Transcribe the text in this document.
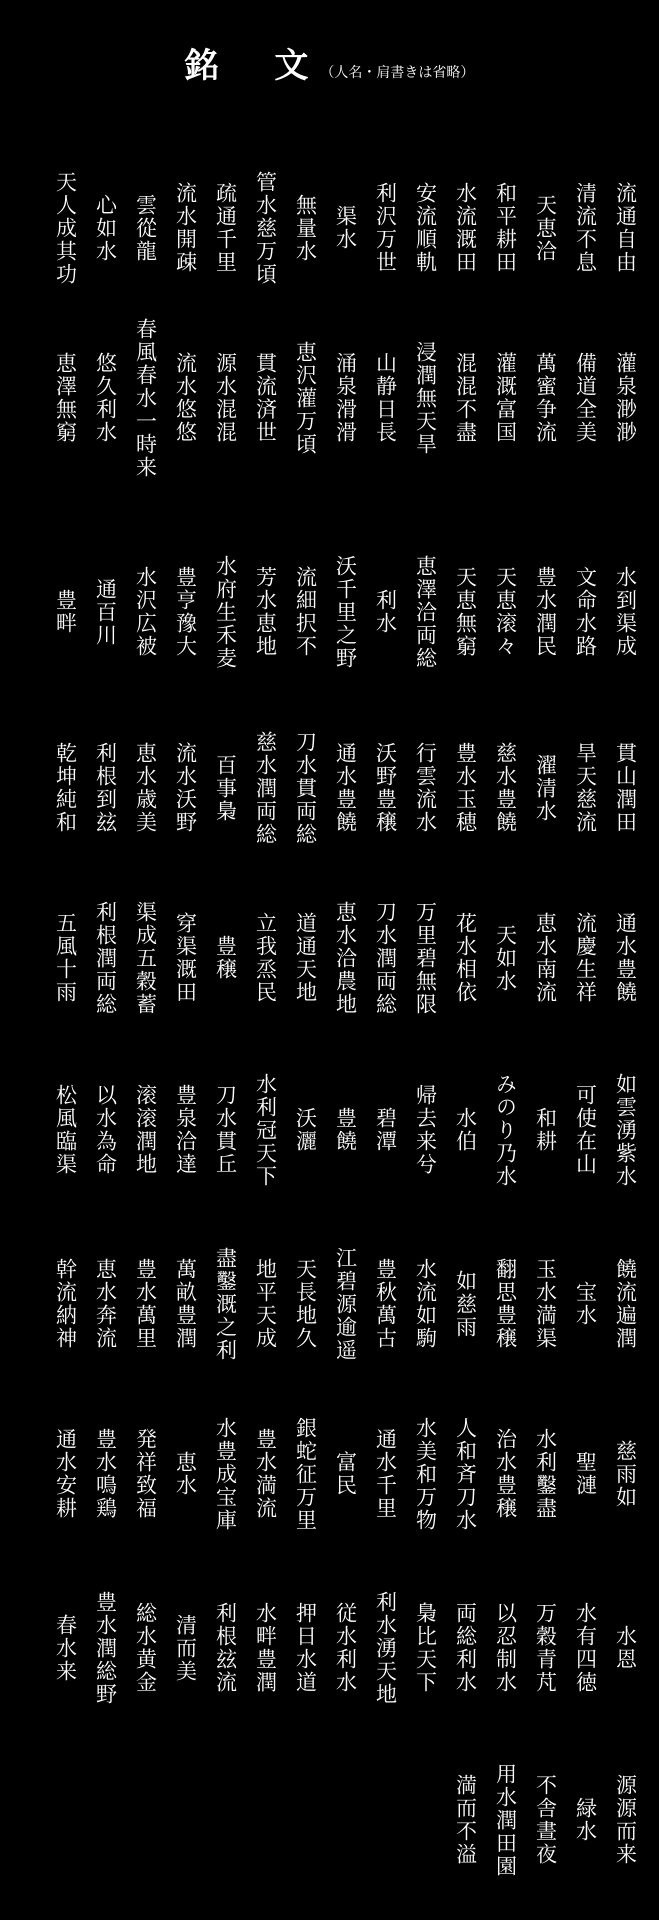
銘 文（人名・肩書きは省略）
流通自由
清流不息
天恵洽
和平耕田
水流溉田
安流順軌
利沢万世
渠水
無量水
管水慈万頃
疏通千里
流水開疎
雲從龍
心如水
天人成其功
灌泉渺渺
備道全美
萬蜜争流
灌溉富国
混混不盡
浸潤無天旱
山静日長
涌泉滑滑
恵沢灌万頃
貫流済世
源水混混
流水悠悠
春風春水一時来
悠久利水
恵澤無窮
水到渠成
文命水路
豊水潤民
天恵滚々
天恵無窮
恵澤洽両総
利水
沃千里之野
流細択不
芳水恵地
水府生禾麦
豊亨豫大
水沢広被
通百川
豊畔
貫山潤田
旱天慈流
濯清水
慈水豊饒
豊水玉穂
行雲流水
沃野豊穣
通水豊饒
刀水貫両総
慈水潤両総
百事梟
流水沃野
恵水歳美
利根到玆
乾坤純和
通水豊饒
流慶生祥
恵水南流
天如水
花水相依
万里碧無限
刀水潤両総
恵水洽農地
道通天地
立我烝民
豊穣
穿渠溉田
渠成五穀蓄
利根潤両総
五風十雨
如雲湧紫水
可使在山
和耕
みのり乃水
水伯
帰去来兮
碧潭
豊饒
沃灑
水利冠天下
刀水貫丘
豊泉洽達
滚滚潤地
以水為命
松風臨渠
饒流遍潤
宝水
玉水満渠
翻思豊穣
如慈雨
水流如駒
豊秋萬古
江碧源逾遥
天長地久
地平天成
盡鑿溉之利
萬畝豊潤
豊水萬里
恵水奔流
幹流納神
慈雨如
聖漣
水利鑿盡
治水豊穣
人和斉刀水
水美和万物
通水千里
富民
銀蛇征万里
豊水満流
水豊成宝庫
恵水
発祥致福
豊水鳴鶏
通水安耕
水恩
水有四徳
万穀青芃
以忍制水
両総利水
梟比天下
利水湧天地
従水利水
押日水道
水畔豊潤
利根玆流
清而美
総水黄金
豊水潤総野
春水来
源源而来
緑水
不舎晝夜
用水潤田園
満而不溢
